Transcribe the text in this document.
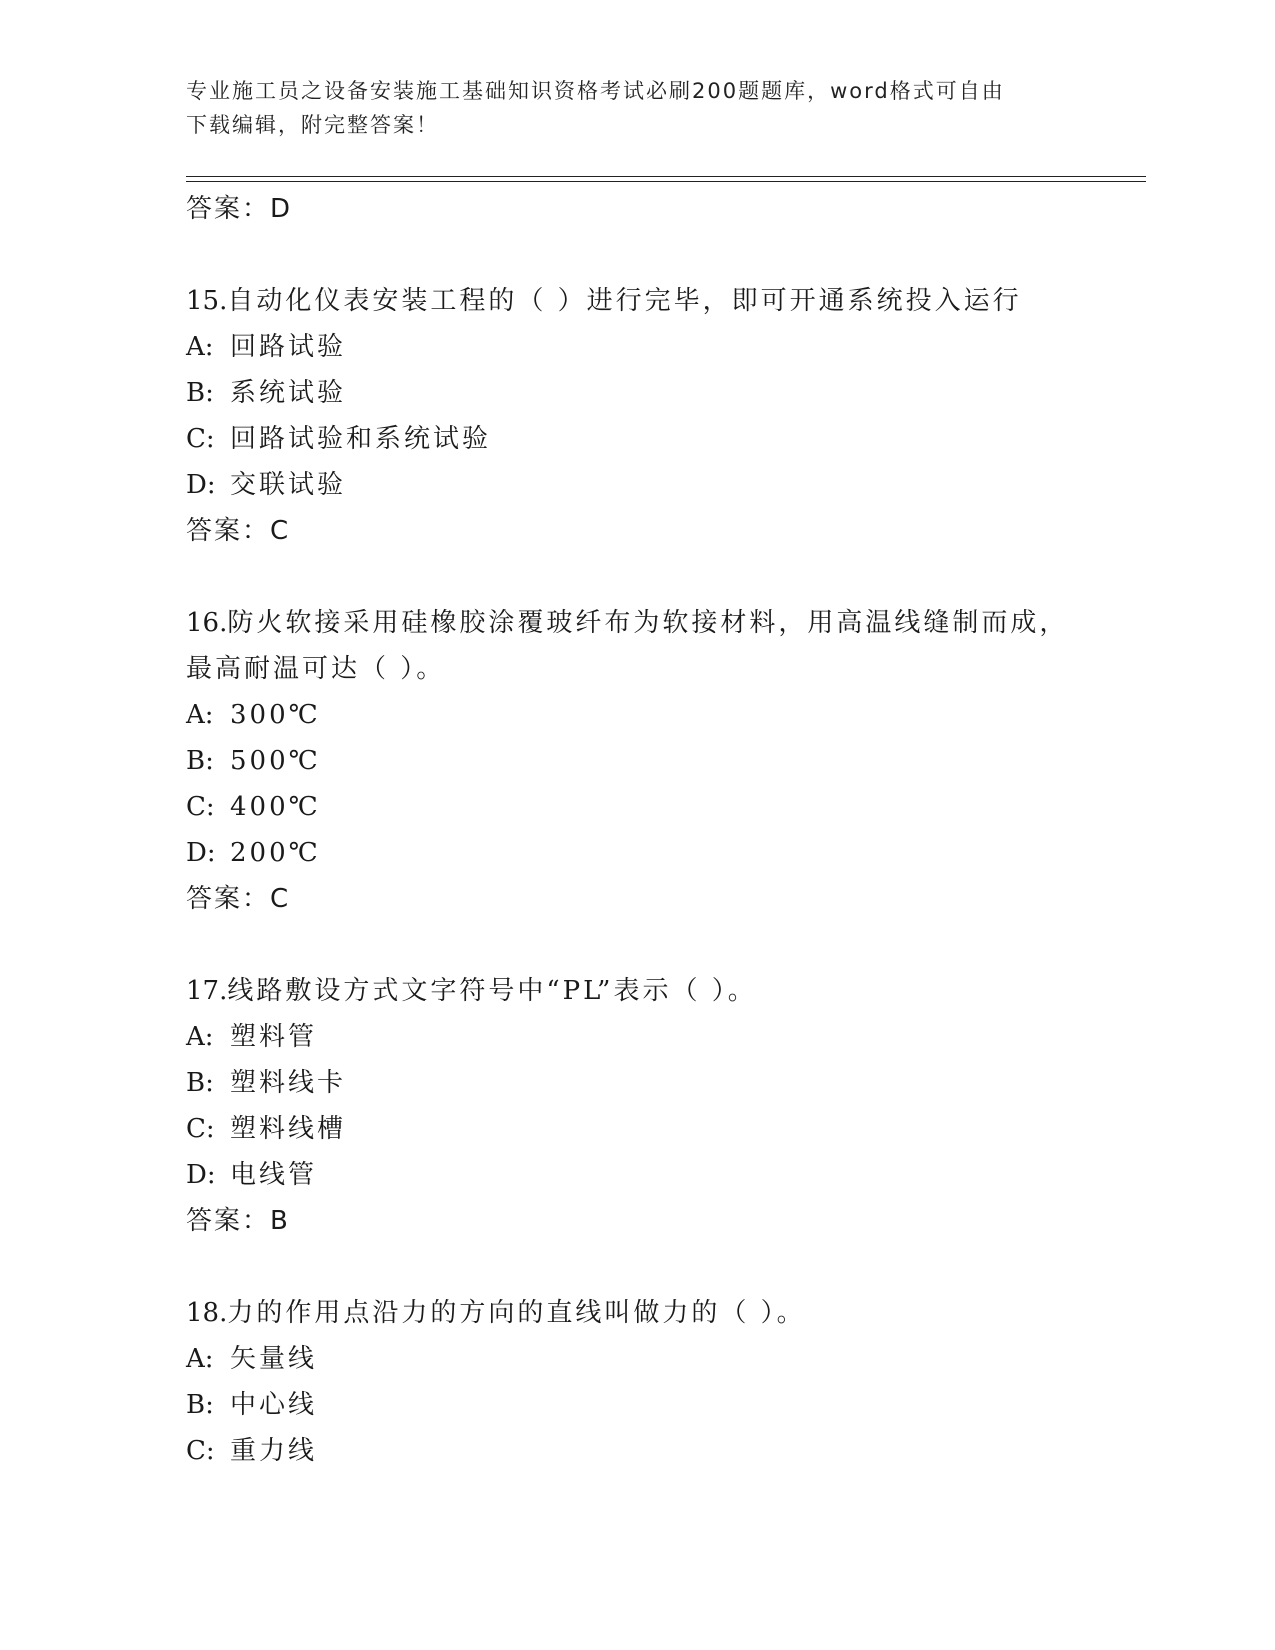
专业施工员之设备安装施工基础知识资格考试必刷200题题库，word格式可自由
下载编辑，附完整答案！
答案：D
15.自动化仪表安装工程的（ ）进行完毕，即可开通系统投入运行
A: 回路试验
B: 系统试验
C: 回路试验和系统试验
D: 交联试验
答案：C
16.防火软接采用硅橡胶涂覆玻纤布为软接材料，用高温线缝制而成，
最高耐温可达（ ）。
A: 300℃
B: 500℃
C: 400℃
D: 200℃
答案：C
17.线路敷设方式文字符号中“PL”表示（ ）。
A: 塑料管
B: 塑料线卡
C: 塑料线槽
D: 电线管
答案：B
18.力的作用点沿力的方向的直线叫做力的（ ）。
A: 矢量线
B: 中心线
C: 重力线
